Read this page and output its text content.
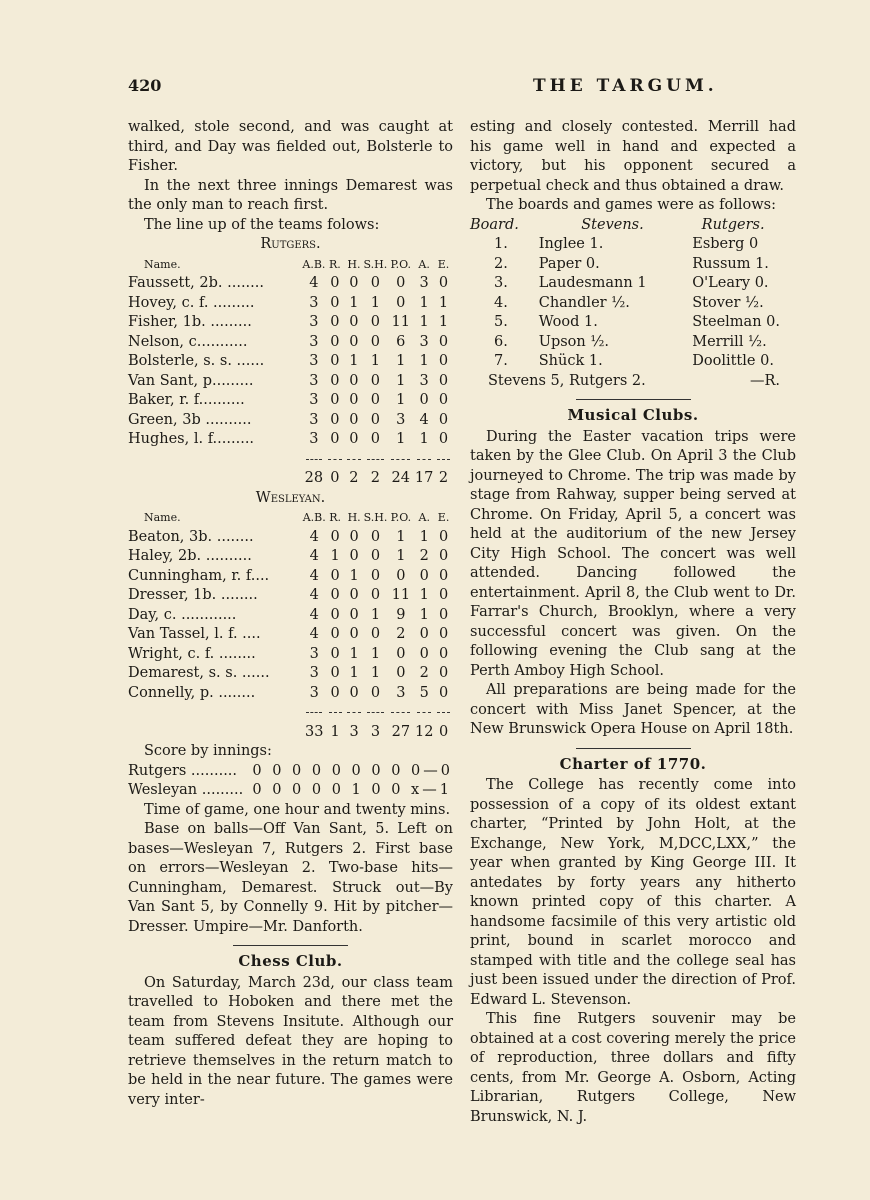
420	THE TARGUM.

walked, stole second, and was caught at third, and Day was fielded out, Bolsterle to Fisher.

In the next three innings Demarest was the only man to reach first.

The line up of the teams folows:

Rutgers.
Name.	A.B.	R.	H.	S.H.	P.O.	A.	E.
Faussett, 2b. ........	4	0	0	0	0	3	0
Hovey, c. f. .........	3	0	1	1	0	1	1
Fisher, 1b. .........	3	0	0	0	11	1	1
Nelson, c...........	3	0	0	0	6	3	0
Bolsterle, s. s. ......	3	0	1	1	1	1	0
Van Sant, p.........	3	0	0	0	1	3	0
Baker, r. f..........	3	0	0	0	1	0	0
Green, 3b ..........	3	0	0	0	3	4	0
Hughes, l. f.........	3	0	0	0	1	1	0

	28	0	2	2	24	17	2
Wesleyan.
Name.	A.B.	R.	H.	S.H.	P.O.	A.	E.
Beaton, 3b. ........	4	0	0	0	1	1	0
Haley, 2b. ..........	4	1	0	0	1	2	0
Cunningham, r. f....	4	0	1	0	0	0	0
Dresser, 1b. ........	4	0	0	0	11	1	0
Day, c. ............	4	0	0	1	9	1	0
Van Tassel, l. f. ....	4	0	0	0	2	0	0
Wright, c. f. ........	3	0	1	1	0	0	0
Demarest, s. s. ......	3	0	1	1	0	2	0
Connelly, p. ........	3	0	0	0	3	5	0

	33	1	3	3	27	12	0

Score by innings:

Rutgers ..........	0 0 0 0 0 0 0 0 0—0
Wesleyan .........	0 0 0 0 0 1 0 0 x—1

Time of game, one hour and twenty mins.

Base on balls—Off Van Sant, 5. Left on bases—Wesleyan 7, Rutgers 2. First base on errors—Wesleyan 2. Two-base hits—Cunningham, Demarest. Struck out—By Van Sant 5, by Connelly 9. Hit by pitcher—Dresser. Umpire—Mr. Danforth.

Chess Club.

On Saturday, March 23d, our class team travelled to Hoboken and there met the team from Stevens Insitute. Although our team suffered defeat they are hoping to retrieve themselves in the return match to be held in the near future. The games were very inter-

esting and closely contested. Merrill had his game well in hand and expected a victory, but his opponent secured a perpetual check and thus obtained a draw.

The boards and games were as follows:

Board.	Stevens.	Rutgers.
1.	Inglee 1.	Esberg 0
2.	Paper 0.	Russum 1.
3.	Laudesmann 1	O'Leary 0.
4.	Chandler ½.	Stover ½.
5.	Wood 1.	Steelman 0.
6.	Upson ½.	Merrill ½.
7.	Shück 1.	Doolittle 0.
Stevens 5, Rutgers 2.	—R.
Musical Clubs.

During the Easter vacation trips were taken by the Glee Club. On April 3 the Club journeyed to Chrome. The trip was made by stage from Rahway, supper being served at Chrome. On Friday, April 5, a concert was held at the auditorium of the new Jersey City High School. The concert was well attended. Dancing followed the entertainment. April 8, the Club went to Dr. Farrar's Church, Brooklyn, where a very successful concert was given. On the following evening the Club sang at the Perth Amboy High School.

All preparations are being made for the concert with Miss Janet Spencer, at the New Brunswick Opera House on April 18th.

Charter of 1770.

The College has recently come into possession of a copy of its oldest extant charter, “Printed by John Holt, at the Exchange, New York, M,DCC,LXX,” the year when granted by King George III. It antedates by forty years any hitherto known printed copy of this charter. A handsome facsimile of this very artistic old print, bound in scarlet morocco and stamped with title and the college seal has just been issued under the direction of Prof. Edward L. Stevenson.

This fine Rutgers souvenir may be obtained at a cost covering merely the price of reproduction, three dollars and fifty cents, from Mr. George A. Osborn, Acting Librarian, Rutgers College, New Brunswick, N. J.
